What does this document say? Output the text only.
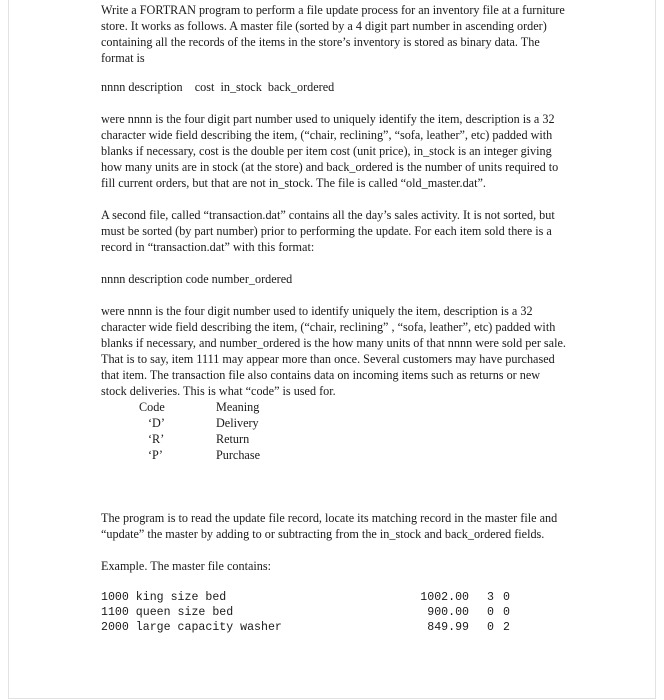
Write a FORTRAN program to perform a file update process for an inventory file at a furniture store. It works as follows. A master file (sorted by a 4 digit part number in ascending order) containing all the records of the items in the store’s inventory is stored as binary data. The format is

nnnn description    cost  in_stock  back_ordered

were nnnn is the four digit part number used to uniquely identify the item, description is a 32 character wide field describing the item, (“chair, reclining”, “sofa, leather”, etc) padded with blanks if necessary, cost is the double per item cost (unit price), in_stock is an integer giving how many units are in stock (at the store) and back_ordered is the number of units required to fill current orders, but that are not in_stock. The file is called “old_master.dat”.

A second file, called “transaction.dat” contains all the day’s sales activity. It is not sorted, but must be sorted (by part number) prior to performing the update. For each item sold there is a record in “transaction.dat” with this format:

nnnn description code number_ordered

were nnnn is the four digit number used to identify uniquely the item, description is a 32 character wide field describing the item, (“chair, reclining” , “sofa, leather”, etc) padded with blanks if necessary, and number_ordered is the how many units of that nnnn were sold per sale. That is to say, item 1111 may appear more than once. Several customers may have purchased that item. The transaction file also contains data on incoming items such as returns or new stock deliveries. This is what “code” is used for.

Code	Meaning
‘D’	Delivery
‘R’	Return
‘P’	Purchase

The program is to read the update file record, locate its matching record in the master file and “update” the master by adding to or subtracting from the in_stock and back_ordered fields.

Example. The master file contains:

1000 king size bed	1002.00	3 0
1100 queen size bed	900.00	0 0
2000 large capacity washer	849.99	0 2
